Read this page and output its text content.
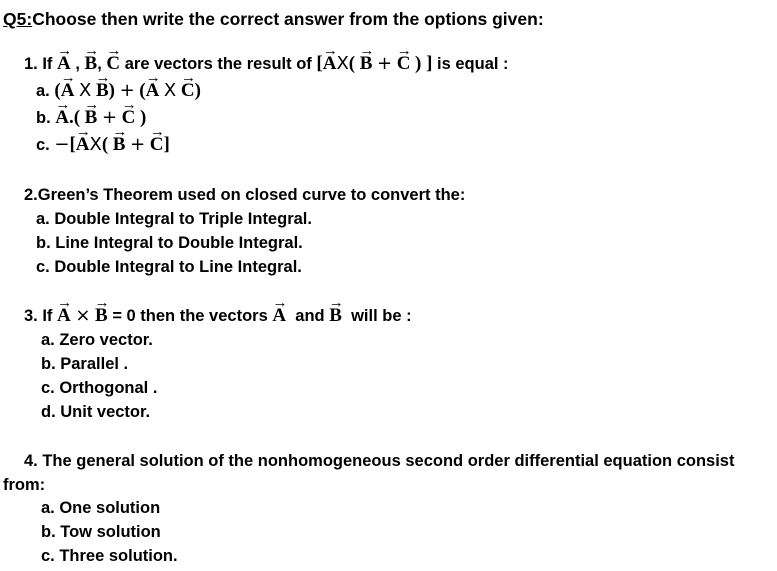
Q5:Choose then write the correct answer from the options given:
1. If A → , B →, C → are vectors the result of [A →X( B → + C → ) ] is equal :
a. (A → X B →) + (A → X C →)
b. A →.( B → + C → )
c. −[A →X( B → + C →]
2.Green’s Theorem used on closed curve to convert the:
a. Double Integral to Triple Integral.
b. Line Integral to Double Integral.
c. Double Integral to Line Integral.
3. If A → × B → = 0 then the vectors A → and B → will be :
a. Zero vector.
b. Parallel .
c. Orthogonal .
d. Unit vector.
4. The general solution of the nonhomogeneous second order differential equation consist
from:
a. One solution
b. Tow solution
c. Three solution.
